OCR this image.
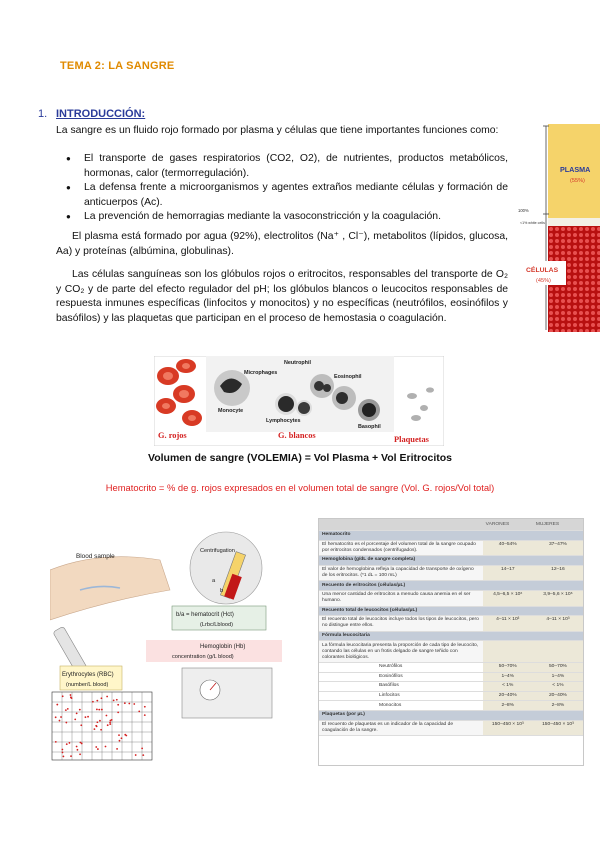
TEMA 2: LA SANGRE
1. INTRODUCCIÓN:

La sangre es un fluido rojo formado por plasma y células que tiene importantes funciones como:

● El transporte de gases respiratorios (CO2, O2), de nutrientes, productos metabólicos, hormonas, calor (termorregulación).
● La defensa frente a microorganismos y agentes extraños mediante células y formación de anticuerpos (Ac).
● La prevención de hemorragias mediante la vasoconstricción y la coagulación.

El plasma está formado por agua (92%), electrolitos (Na⁺ , Cl⁻), metabolitos (lípidos, glucosa, Aa) y proteínas (albúmina, globulinas).

Las células sanguíneas son los glóbulos rojos o eritrocitos, responsables del transporte de O₂ y CO₂ y de parte del efecto regulador del pH; los glóbulos blancos o leucocitos responsables de respuesta inmunes específicas (linfocitos y monocitos) y no específicas (neutrófilos, eosinófilos y basófilos) y las plaquetas que participan en el proceso de hemostasia o coagulación.

PLASMA
(55%)
100%
<1% white cells
CÉLULAS
(45%)
Neutrophil
Microphages
Eosinophil
Monocyte
Lymphocytes
Basophil
G. rojos	G. blancos	Plaquetas
Volumen de sangre (VOLEMIA) = Vol Plasma + Vol Eritrocitos
Hematocrito = % de g. rojos expresados en el volumen total de sangre (Vol. G. rojos/Vol total)
Blood sample
Centrifugation
a
b
b/a = hematocrit (Hct)
(Lrbc/Lblood)
Hemoglobin (Hb)
concentration (g/L blood)
Erythrocytes (RBC)
(number/L blood)
	VARONES	MUJERES
Hematocrito		
El hematocrito es el porcentaje del volumen total de la sangre ocupado por eritrocitos condensados (centrifugados).	40–54%	37–47%
Hemoglobina (g/dL de sangre completa)		
El valor de hemoglobina refleja la capacidad de transporte de oxígeno de los eritrocitos. (*1 dL = 100 mL)	14–17	12–16
Recuento de eritrocitos (células/μL)		
Una menor cantidad de eritrocitos a menudo causa anemia en el ser humano.	4,5–6,5 × 10⁶	3,9–5,6 × 10⁶
Recuento total de leucocitos (células/μL)		
El recuento total de leucocitos incluye todos los tipos de leucocitos, pero no distingue entre ellos.	4–11 × 10³	4–11 × 10³
Fórmula leucocitaria		
La fórmula leucocitaria presenta la proporción de cada tipo de leucocito, contando las células en un frotis delgado de sangre teñido con colorantes biológicos.		
Neutrófilos	50–70%	50–70%
Eosinófilos	1–4%	1–4%
Basófilos	< 1%	< 1%
Linfocitos	20–40%	20–40%
Monocitos	2–8%	2–8%
Plaquetas (por μL)		
El recuento de plaquetas es un indicador de la capacidad de coagulación de la sangre.	150–450 × 10³	150–450 × 10³
